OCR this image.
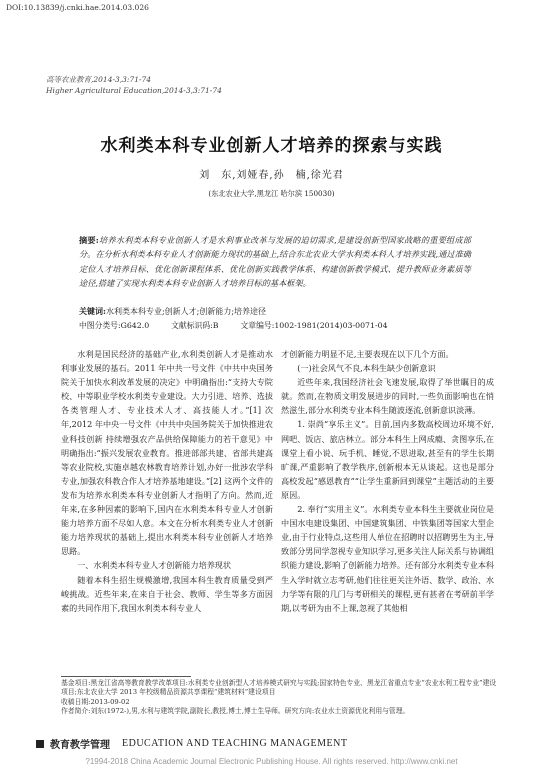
DOI:10.13839/j.cnki.hae.2014.03.026
高等农业教育,2014-3,3:71-74
Higher Agricultural Education,2014-3,3:71-74
水利类本科专业创新人才培养的探索与实践
刘　东,刘娅春,孙　楠,徐光君
(东北农业大学,黑龙江 哈尔滨 150030)
摘要:培养水利类本科专业创新人才是水利事业改革与发展的迫切需求,是建设创新型国家战略的重要组成部分。在分析水利类本科专业人才创新能力现状的基础上,结合东北农业大学水利类本科人才培养实践,通过准确定位人才培养目标、优化创新课程体系、优化创新实践教学体系、构建创新教学模式、提升教师业务素质等途径,搭建了实现水利类本科专业创新人才培养目标的基本框架。
关键词:水利类本科专业;创新人才;创新能力;培养途径
中图分类号:G642.0	文献标识码:B	文章编号:1002-1981(2014)03-0071-04

水利是国民经济的基础产业,水利类创新人才是推动水利事业发展的基石。2011 年中共一号文件《中共中央国务院关于加快水利改革发展的决定》中明确指出:“支持大专院校、中等职业学校水利类专业建设。大力引进、培养、选拔各类管理人才、专业技术人才、高技能人才。”[1] 次年,2012 年中央一号文件《中共中央国务院关于加快推进农业科技创新 持续增强农产品供给保障能力的若干意见》中明确指出:“振兴发展农业教育。推进部部共建、省部共建高等农业院校,实施卓越农林教育培养计划,办好一批涉农学科专业,加强农科教合作人才培养基地建设。”[2] 这两个文件的发布为培养水利类本科专业创新人才指明了方向。然而,近年来,在多种因素的影响下,国内在水利类本科专业人才创新能力培养方面不尽如人意。本文在分析水利类专业人才创新能力培养现状的基础上,提出水利类本科专业创新人才培养思路。

一、水利类本科专业人才创新能力培养现状

随着本科生招生规模激增,我国本科生教育质量受到严峻挑战。近些年来,在来自于社会、教师、学生等多方面因素的共同作用下,我国水利类本科专业人

才创新能力明显不足,主要表现在以下几个方面。

(一)社会风气不良,本科生缺少创新意识

近些年来,我国经济社会飞速发展,取得了举世瞩目的成就。然而,在物质文明发展进步的同时,一些负面影响也在悄然滋生,部分水利类专业本科生随波逐流,创新意识淡薄。

1. 崇尚“享乐主义”。目前,国内多数高校周边环境不好,网吧、饭店、旅店林立。部分本科生上网成瘾、贪图享乐,在课堂上看小说、玩手机、睡觉,不思进取,甚至有的学生长期旷课,严重影响了教学秩序,创新根本无从谈起。这也是部分高校发起“感恩教育”“让学生重新回到课堂”主题活动的主要原因。

2. 奉行“实用主义”。水利类专业本科生主要就业岗位是中国水电建设集团、中国建筑集团、中铁集团等国家大型企业,由于行业特点,这些用人单位在招聘时以招聘男生为主,导致部分男同学忽视专业知识学习,更多关注人际关系与协调组织能力建设,影响了创新能力培养。还有部分水利类专业本科生入学时就立志考研,他们往往更关注外语、数学、政治、水力学等有限的几门与考研相关的课程,更有甚者在考研前半学期,以考研为由不上课,忽视了其他相

基金项目:黑龙江省高等教育教学改革项目:水利类专业创新型人才培养模式研究与实践;国家特色专业、黑龙江省重点专业“农业水利工程专业”建设项目;东北农业大学 2013 年校级精品资源共享课程“建筑材料”建设项目
收稿日期:2013-09-02
作者简介:刘东(1972-),男,水利与建筑学院,副院长,教授,博士,博士生导师。研究方向:农业水土资源优化利用与管理。
教育教学管理 EDUCATION AND TEACHING MANAGEMENT
?1994-2018 China Academic Journal Electronic Publishing House. All rights reserved. http://www.cnki.net
